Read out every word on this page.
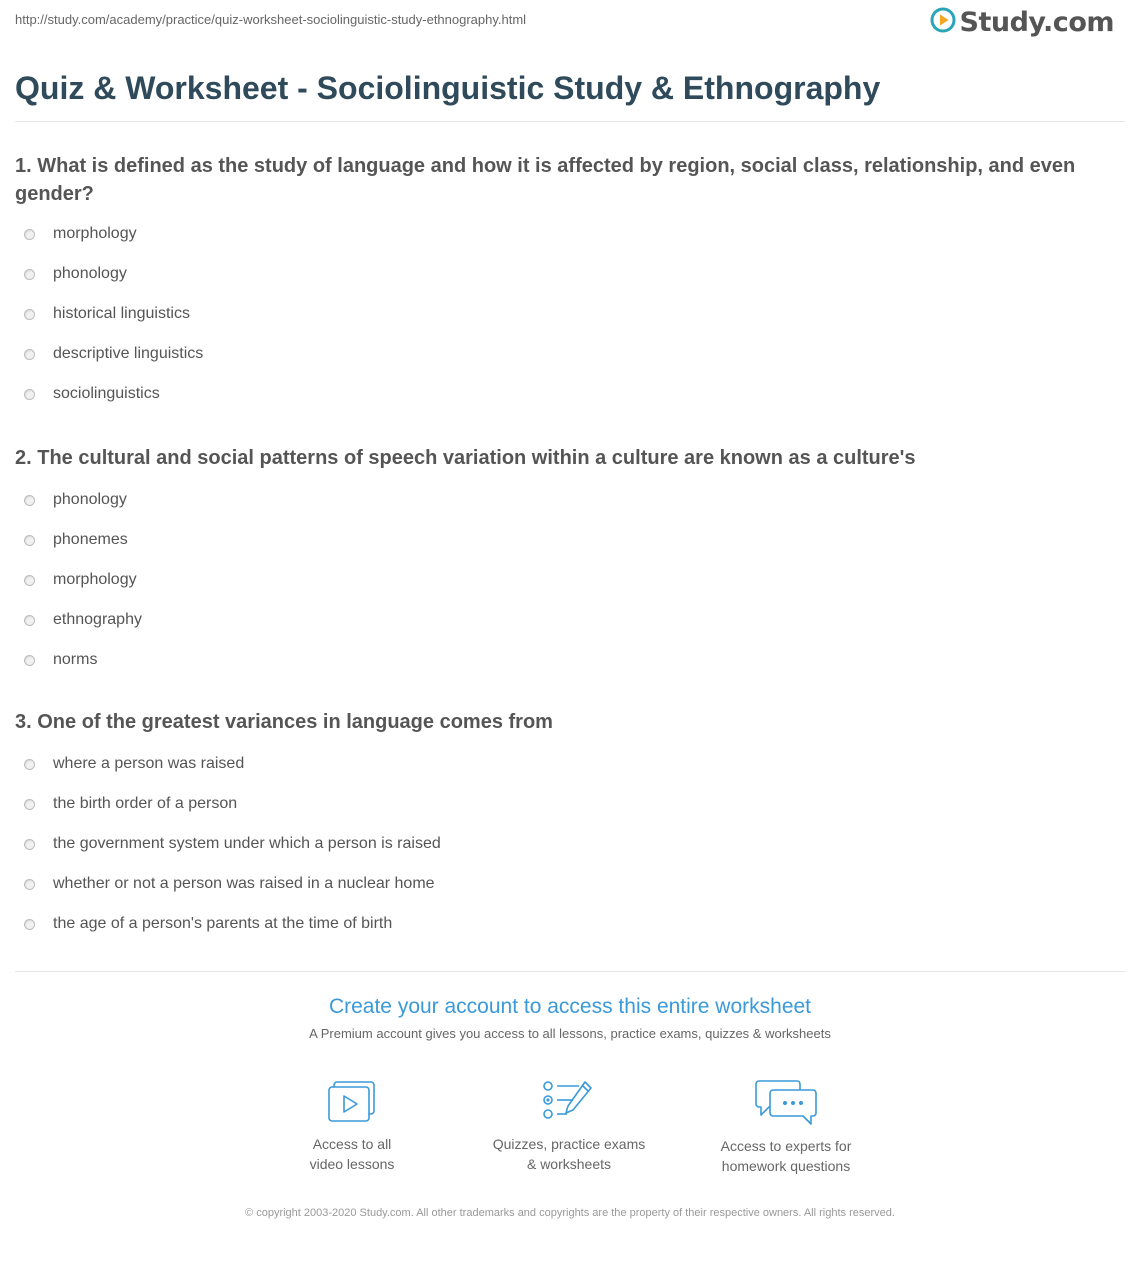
http://study.com/academy/practice/quiz-worksheet-sociolinguistic-study-ethnography.html	Study.com
Quiz & Worksheet - Sociolinguistic Study & Ethnography

1. What is defined as the study of language and how it is affected by region, social class, relationship, and even gender?

morphology
phonology
historical linguistics
descriptive linguistics
sociolinguistics

2. The cultural and social patterns of speech variation within a culture are known as a culture's

phonology
phonemes
morphology
ethnography
norms

3. One of the greatest variances in language comes from

where a person was raised
the birth order of a person
the government system under which a person is raised
whether or not a person was raised in a nuclear home
the age of a person's parents at the time of birth
Create your account to access this entire worksheet
A Premium account gives you access to all lessons, practice exams, quizzes & worksheets
Access to all
video lessons
Quizzes, practice exams
& worksheets
Access to experts for
homework questions
© copyright 2003-2020 Study.com. All other trademarks and copyrights are the property of their respective owners. All rights reserved.
